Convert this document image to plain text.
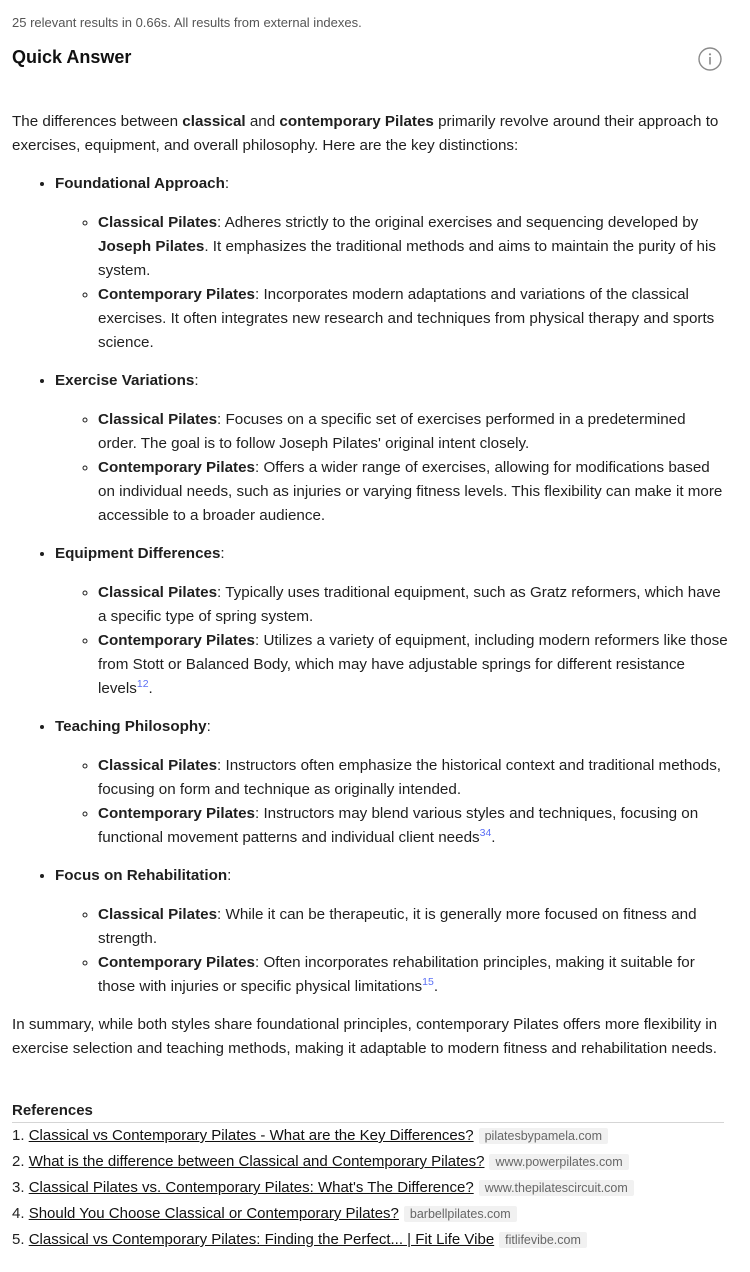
25 relevant results in 0.66s. All results from external indexes.
Quick Answer

The differences between classical and contemporary Pilates primarily revolve around their approach to exercises, equipment, and overall philosophy. Here are the key distinctions:

• Foundational Approach:
◦ Classical Pilates: Adheres strictly to the original exercises and sequencing developed by Joseph Pilates. It emphasizes the traditional methods and aims to maintain the purity of his system.
◦ Contemporary Pilates: Incorporates modern adaptations and variations of the classical exercises. It often integrates new research and techniques from physical therapy and sports science.
• Exercise Variations:
◦ Classical Pilates: Focuses on a specific set of exercises performed in a predetermined order. The goal is to follow Joseph Pilates' original intent closely.
◦ Contemporary Pilates: Offers a wider range of exercises, allowing for modifications based on individual needs, such as injuries or varying fitness levels. This flexibility can make it more accessible to a broader audience.
• Equipment Differences:
◦ Classical Pilates: Typically uses traditional equipment, such as Gratz reformers, which have a specific type of spring system.
◦ Contemporary Pilates: Utilizes a variety of equipment, including modern reformers like those from Stott or Balanced Body, which may have adjustable springs for different resistance levels$^{12}$.
• Teaching Philosophy:
◦ Classical Pilates: Instructors often emphasize the historical context and traditional methods, focusing on form and technique as originally intended.
◦ Contemporary Pilates: Instructors may blend various styles and techniques, focusing on functional movement patterns and individual client needs$^{34}$.
• Focus on Rehabilitation:
◦ Classical Pilates: While it can be therapeutic, it is generally more focused on fitness and strength.
◦ Contemporary Pilates: Often incorporates rehabilitation principles, making it suitable for those with injuries or specific physical limitations$^{15}$.

In summary, while both styles share foundational principles, contemporary Pilates offers more flexibility in exercise selection and teaching methods, making it adaptable to modern fitness and rehabilitation needs.

References
1. Classical vs Contemporary Pilates - What are the Key Differences? pilatesbypamela.com
2. What is the difference between Classical and Contemporary Pilates? www.powerpilates.com
3. Classical Pilates vs. Contemporary Pilates: What's The Difference? www.thepilatescircuit.com
4. Should You Choose Classical or Contemporary Pilates? barbellpilates.com
5. Classical vs Contemporary Pilates: Finding the Perfect... | Fit Life Vibe fitlifevibe.com
